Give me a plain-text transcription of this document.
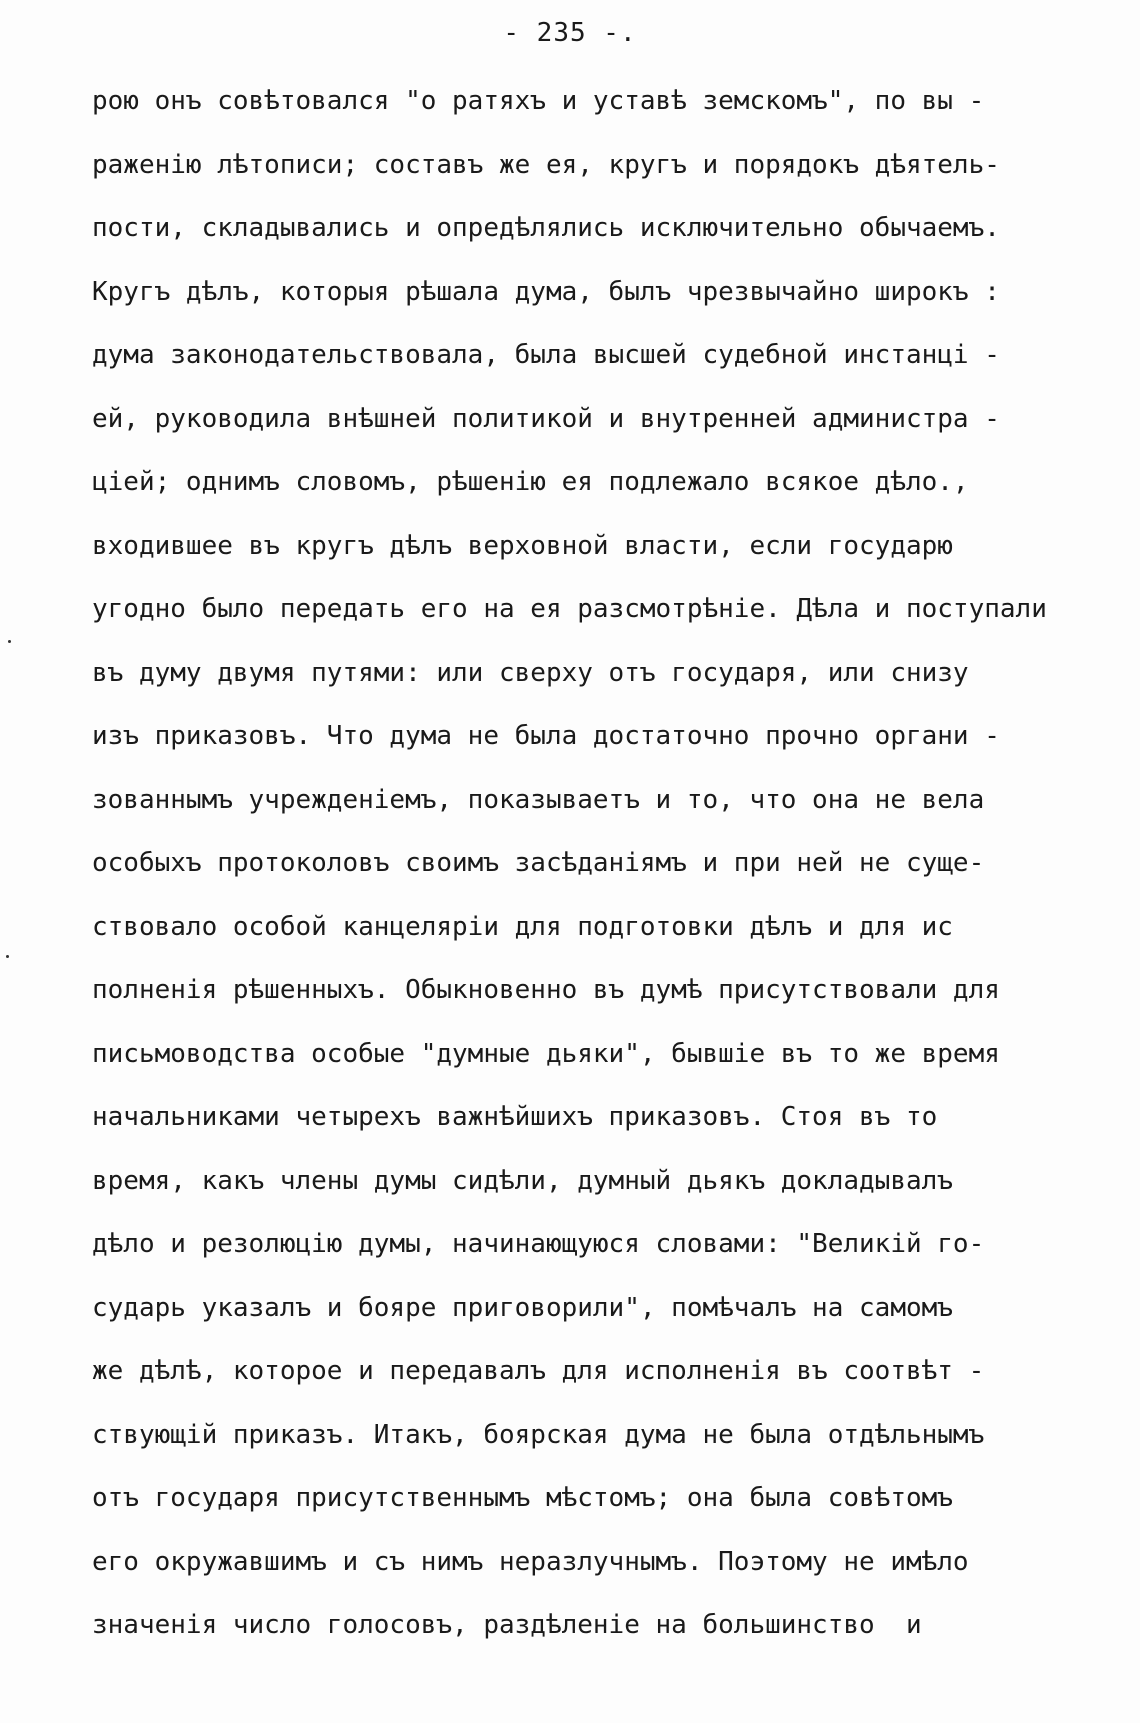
- 235 -.
рою онъ совѣтовался "о ратяхъ и уставѣ земскомъ", по вы -
раженію лѣтописи; составъ же ея, кругъ и порядокъ дѣятель-
пости, складывались и опредѣлялись исключительно обычаемъ.
Кругъ дѣлъ, которыя рѣшала дума, былъ чрезвычайно широкъ :
дума законодательствовала, была высшей судебной инстанці -
ей, руководила внѣшней политикой и внутренней администра -
ціей; однимъ словомъ, рѣшенію ея подлежало всякое дѣло.,
входившее въ кругъ дѣлъ верховной власти, если государю
угодно было передать его на ея разсмотрѣніе. Дѣла и поступали
въ думу двумя путями: или сверху отъ государя, или снизу
изъ приказовъ. Что дума не была достаточно прочно органи -
зованнымъ учрежденіемъ, показываетъ и то, что она не вела
особыхъ протоколовъ своимъ засѣданіямъ и при ней не суще-
ствовало особой канцеляріи для подготовки дѣлъ и для ис
полненія рѣшенныхъ. Обыкновенно въ думѣ присутствовали для
письмоводства особые "думные дьяки", бывшіе въ то же время
начальниками четырехъ важнѣйшихъ приказовъ. Стоя въ то
время, какъ члены думы сидѣли, думный дьякъ докладывалъ
дѣло и резолюцію думы, начинающуюся словами: "Великій го-
сударь указалъ и бояре приговорили", помѣчалъ на самомъ
же дѣлѣ, которое и передавалъ для исполненія въ соотвѣт -
ствующій приказъ. Итакъ, боярская дума не была отдѣльнымъ
отъ государя присутственнымъ мѣстомъ; она была совѣтомъ
его окружавшимъ и съ нимъ неразлучнымъ. Поэтому не имѣло
значенія число голосовъ, раздѣленіе на большинство  и
